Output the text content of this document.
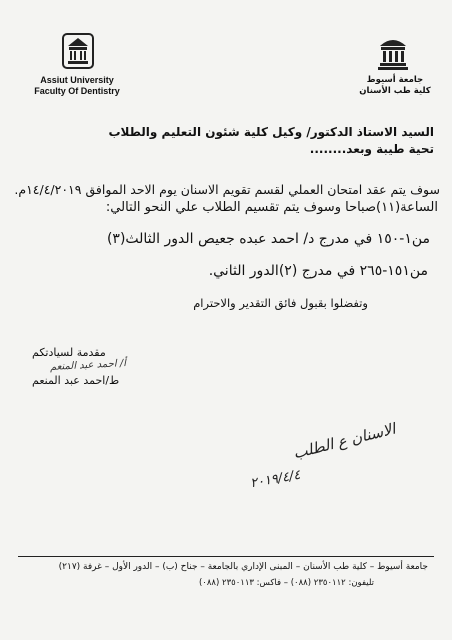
Assiut University
Faculty Of Dentistry
جامعة أسيوط
كلية طب الأسنان
السيد الاستاذ الدكتور/ وكيل كلية شئون التعليم والطلاب
تحية طيبة وبعد........
سوف يتم عقد امتحان العملي لقسم تقويم الاسنان يوم الاحد الموافق ١٤/٤/٢٠١٩م.
الساعة(١١)صباحا وسوف يتم تقسيم الطلاب علي النحو التالي:
من١-١٥٠ في مدرج د/ احمد عبده جعيص الدور الثالث(٣)
من١٥١-٢٦٥ في مدرج (٢)الدور الثاني.
وتفضلوا بقبول فائق التقدير والاحترام
مقدمة لسيادتكم
أ/ احمد عبد المنعم
ط/احمد عبد المنعم
الاسنان ع الطلب
٢٠١٩/٤/٤
جامعة أسيوط – كلية طب الأسنان – المبنى الإداري بالجامعة – جناح (ب) – الدور الأول – غرفة (٢١٧)
تليفون: ٢٣٥٠١١٢ (٠٨٨) – فاكس: ٢٣٥٠١١٣ (٠٨٨)
